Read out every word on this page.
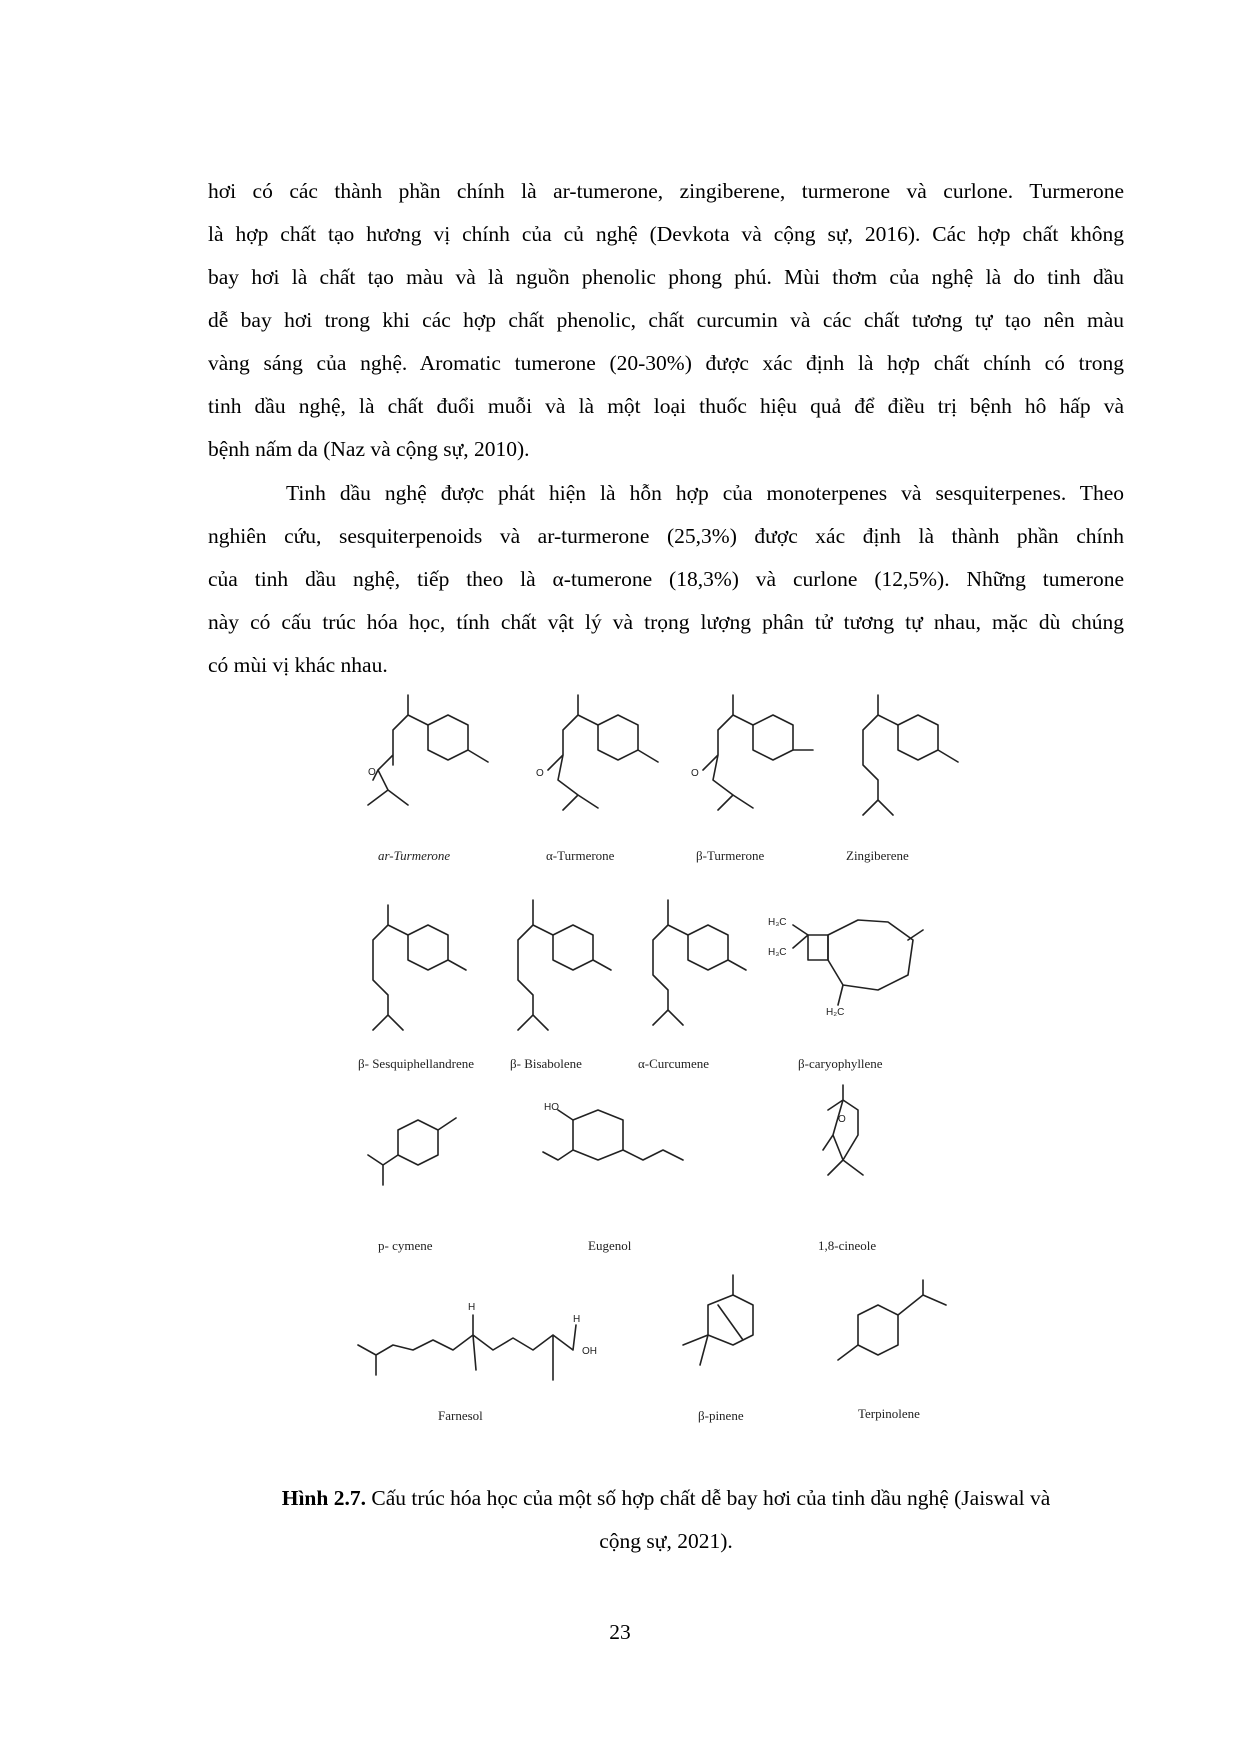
hơi có các thành phần chính là ar-tumerone, zingiberene, turmerone và curlone. Turmerone
là hợp chất tạo hương vị chính của củ nghệ (Devkota và cộng sự, 2016). Các hợp chất không
bay hơi là chất tạo màu và là nguồn phenolic phong phú. Mùi thơm của nghệ là do tinh dầu
dễ bay hơi trong khi các hợp chất phenolic, chất curcumin và các chất tương tự tạo nên màu
vàng sáng của nghệ. Aromatic tumerone (20-30%) được xác định là hợp chất chính có trong
tinh dầu nghệ, là chất đuổi muỗi và là một loại thuốc hiệu quả để điều trị bệnh hô hấp và
bệnh nấm da (Naz và cộng sự, 2010).
Tinh dầu nghệ được phát hiện là hỗn hợp của monoterpenes và sesquiterpenes. Theo
nghiên cứu, sesquiterpenoids và ar-turmerone (25,3%) được xác định là thành phần chính
của tinh dầu nghệ, tiếp theo là α-tumerone (18,3%) và curlone (12,5%). Những tumerone
này có cấu trúc hóa học, tính chất vật lý và trọng lượng phân tử tương tự nhau, mặc dù chúng
có mùi vị khác nhau.
O
ar-Turmerone
O
α-Turmerone
O
β-Turmerone	Zingiberene
β- Sesquiphellandrene	β- Bisabolene	α-Curcumene
H₃C
H₃C
H₂C
β-caryophyllene
p- cymene
HO
Eugenol
O
1,8-cineole
H
H
OH
Farnesol	β-pinene	Terpinolene
Hình 2.7. Cấu trúc hóa học của một số hợp chất dễ bay hơi của tinh dầu nghệ (Jaiswal và
cộng sự, 2021).
23
